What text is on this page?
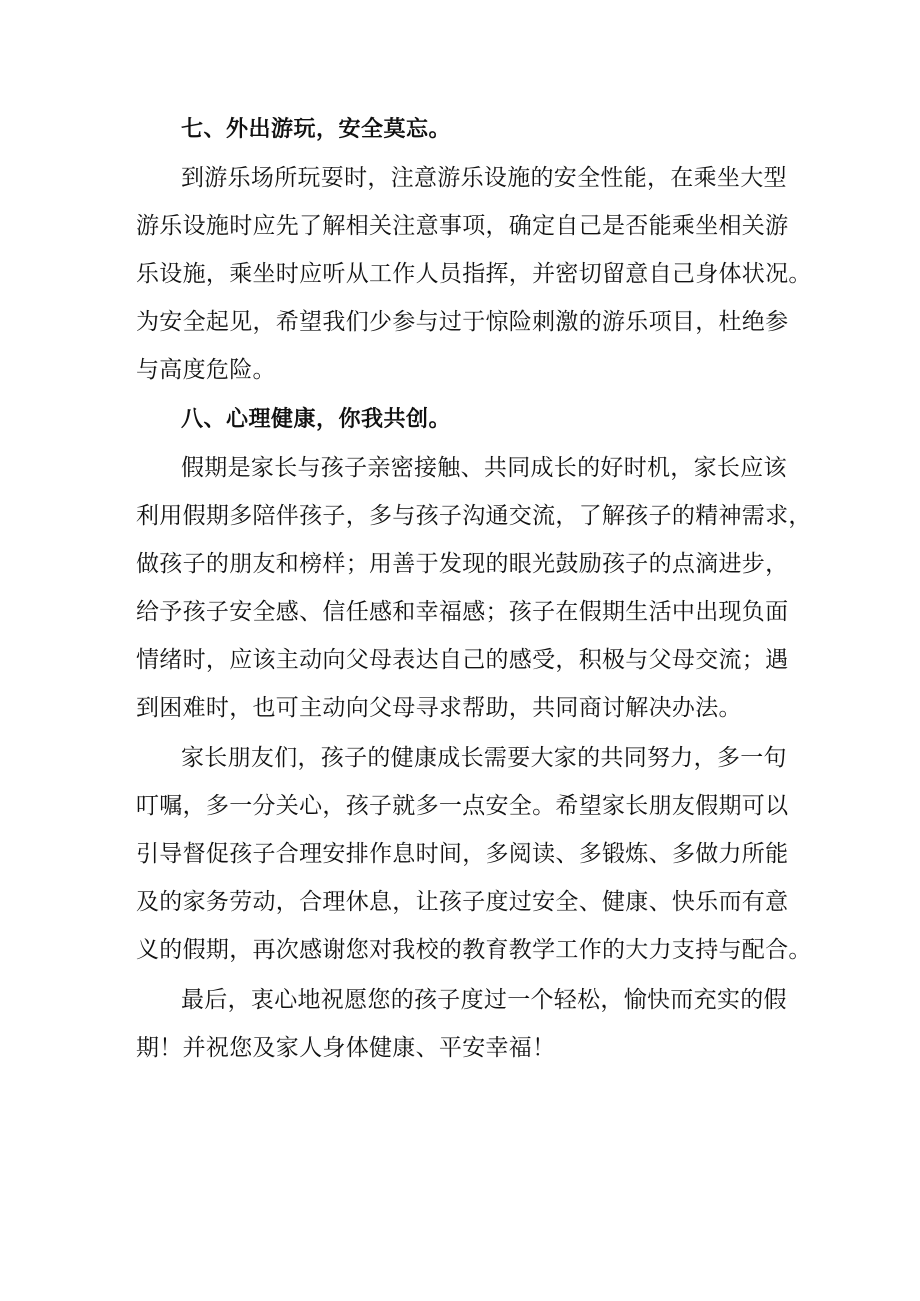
七、外出游玩，安全莫忘。

到游乐场所玩耍时，注意游乐设施的安全性能，在乘坐大型
游乐设施时应先了解相关注意事项，确定自己是否能乘坐相关游
乐设施，乘坐时应听从工作人员指挥，并密切留意自己身体状况。
为安全起见，希望我们少参与过于惊险刺激的游乐项目，杜绝参
与高度危险。

八、心理健康，你我共创。

假期是家长与孩子亲密接触、共同成长的好时机，家长应该
利用假期多陪伴孩子，多与孩子沟通交流，了解孩子的精神需求，
做孩子的朋友和榜样；用善于发现的眼光鼓励孩子的点滴进步，
给予孩子安全感、信任感和幸福感；孩子在假期生活中出现负面
情绪时，应该主动向父母表达自己的感受，积极与父母交流；遇
到困难时，也可主动向父母寻求帮助，共同商讨解决办法。

家长朋友们，孩子的健康成长需要大家的共同努力，多一句
叮嘱，多一分关心，孩子就多一点安全。希望家长朋友假期可以
引导督促孩子合理安排作息时间，多阅读、多锻炼、多做力所能
及的家务劳动，合理休息，让孩子度过安全、健康、快乐而有意
义的假期，再次感谢您对我校的教育教学工作的大力支持与配合。

最后，衷心地祝愿您的孩子度过一个轻松，愉快而充实的假
期！并祝您及家人身体健康、平安幸福！
